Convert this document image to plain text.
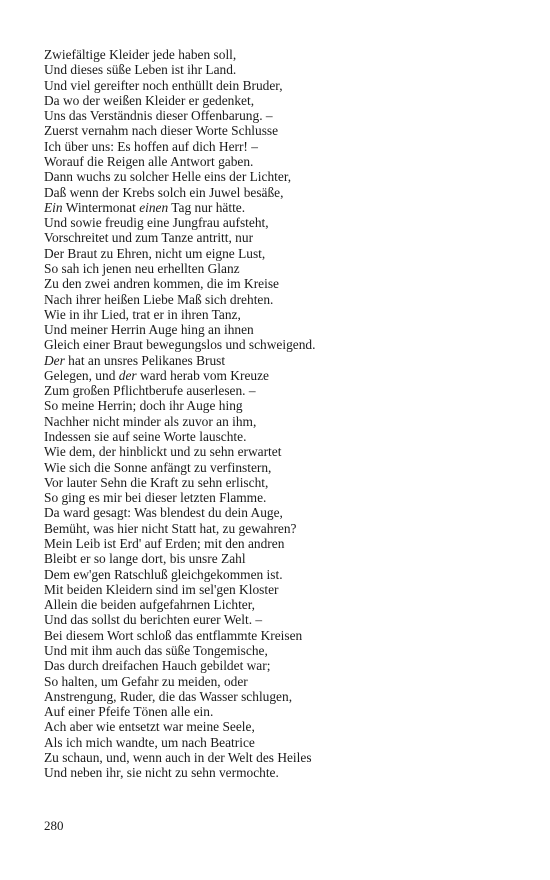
Zwiefältige Kleider jede haben soll,
Und dieses süße Leben ist ihr Land.
Und viel gereifter noch enthüllt dein Bruder,
Da wo der weißen Kleider er gedenket,
Uns das Verständnis dieser Offenbarung. –
Zuerst vernahm nach dieser Worte Schlusse
Ich über uns: Es hoffen auf dich Herr! –
Worauf die Reigen alle Antwort gaben.
Dann wuchs zu solcher Helle eins der Lichter,
Daß wenn der Krebs solch ein Juwel besäße,
Ein Wintermonat einen Tag nur hätte.
Und sowie freudig eine Jungfrau aufsteht,
Vorschreitet und zum Tanze antritt, nur
Der Braut zu Ehren, nicht um eigne Lust,
So sah ich jenen neu erhellten Glanz
Zu den zwei andren kommen, die im Kreise
Nach ihrer heißen Liebe Maß sich drehten.
Wie in ihr Lied, trat er in ihren Tanz,
Und meiner Herrin Auge hing an ihnen
Gleich einer Braut bewegungslos und schweigend.
Der hat an unsres Pelikanes Brust
Gelegen, und der ward herab vom Kreuze
Zum großen Pflichtberufe auserlesen. –
So meine Herrin; doch ihr Auge hing
Nachher nicht minder als zuvor an ihm,
Indessen sie auf seine Worte lauschte.
Wie dem, der hinblickt und zu sehn erwartet
Wie sich die Sonne anfängt zu verfinstern,
Vor lauter Sehn die Kraft zu sehn erlischt,
So ging es mir bei dieser letzten Flamme.
Da ward gesagt: Was blendest du dein Auge,
Bemüht, was hier nicht Statt hat, zu gewahren?
Mein Leib ist Erd' auf Erden; mit den andren
Bleibt er so lange dort, bis unsre Zahl
Dem ew'gen Ratschluß gleichgekommen ist.
Mit beiden Kleidern sind im sel'gen Kloster
Allein die beiden aufgefahrnen Lichter,
Und das sollst du berichten eurer Welt. –
Bei diesem Wort schloß das entflammte Kreisen
Und mit ihm auch das süße Tongemische,
Das durch dreifachen Hauch gebildet war;
So halten, um Gefahr zu meiden, oder
Anstrengung, Ruder, die das Wasser schlugen,
Auf einer Pfeife Tönen alle ein.
Ach aber wie entsetzt war meine Seele,
Als ich mich wandte, um nach Beatrice
Zu schaun, und, wenn auch in der Welt des Heiles
Und neben ihr, sie nicht zu sehn vermochte.
280
